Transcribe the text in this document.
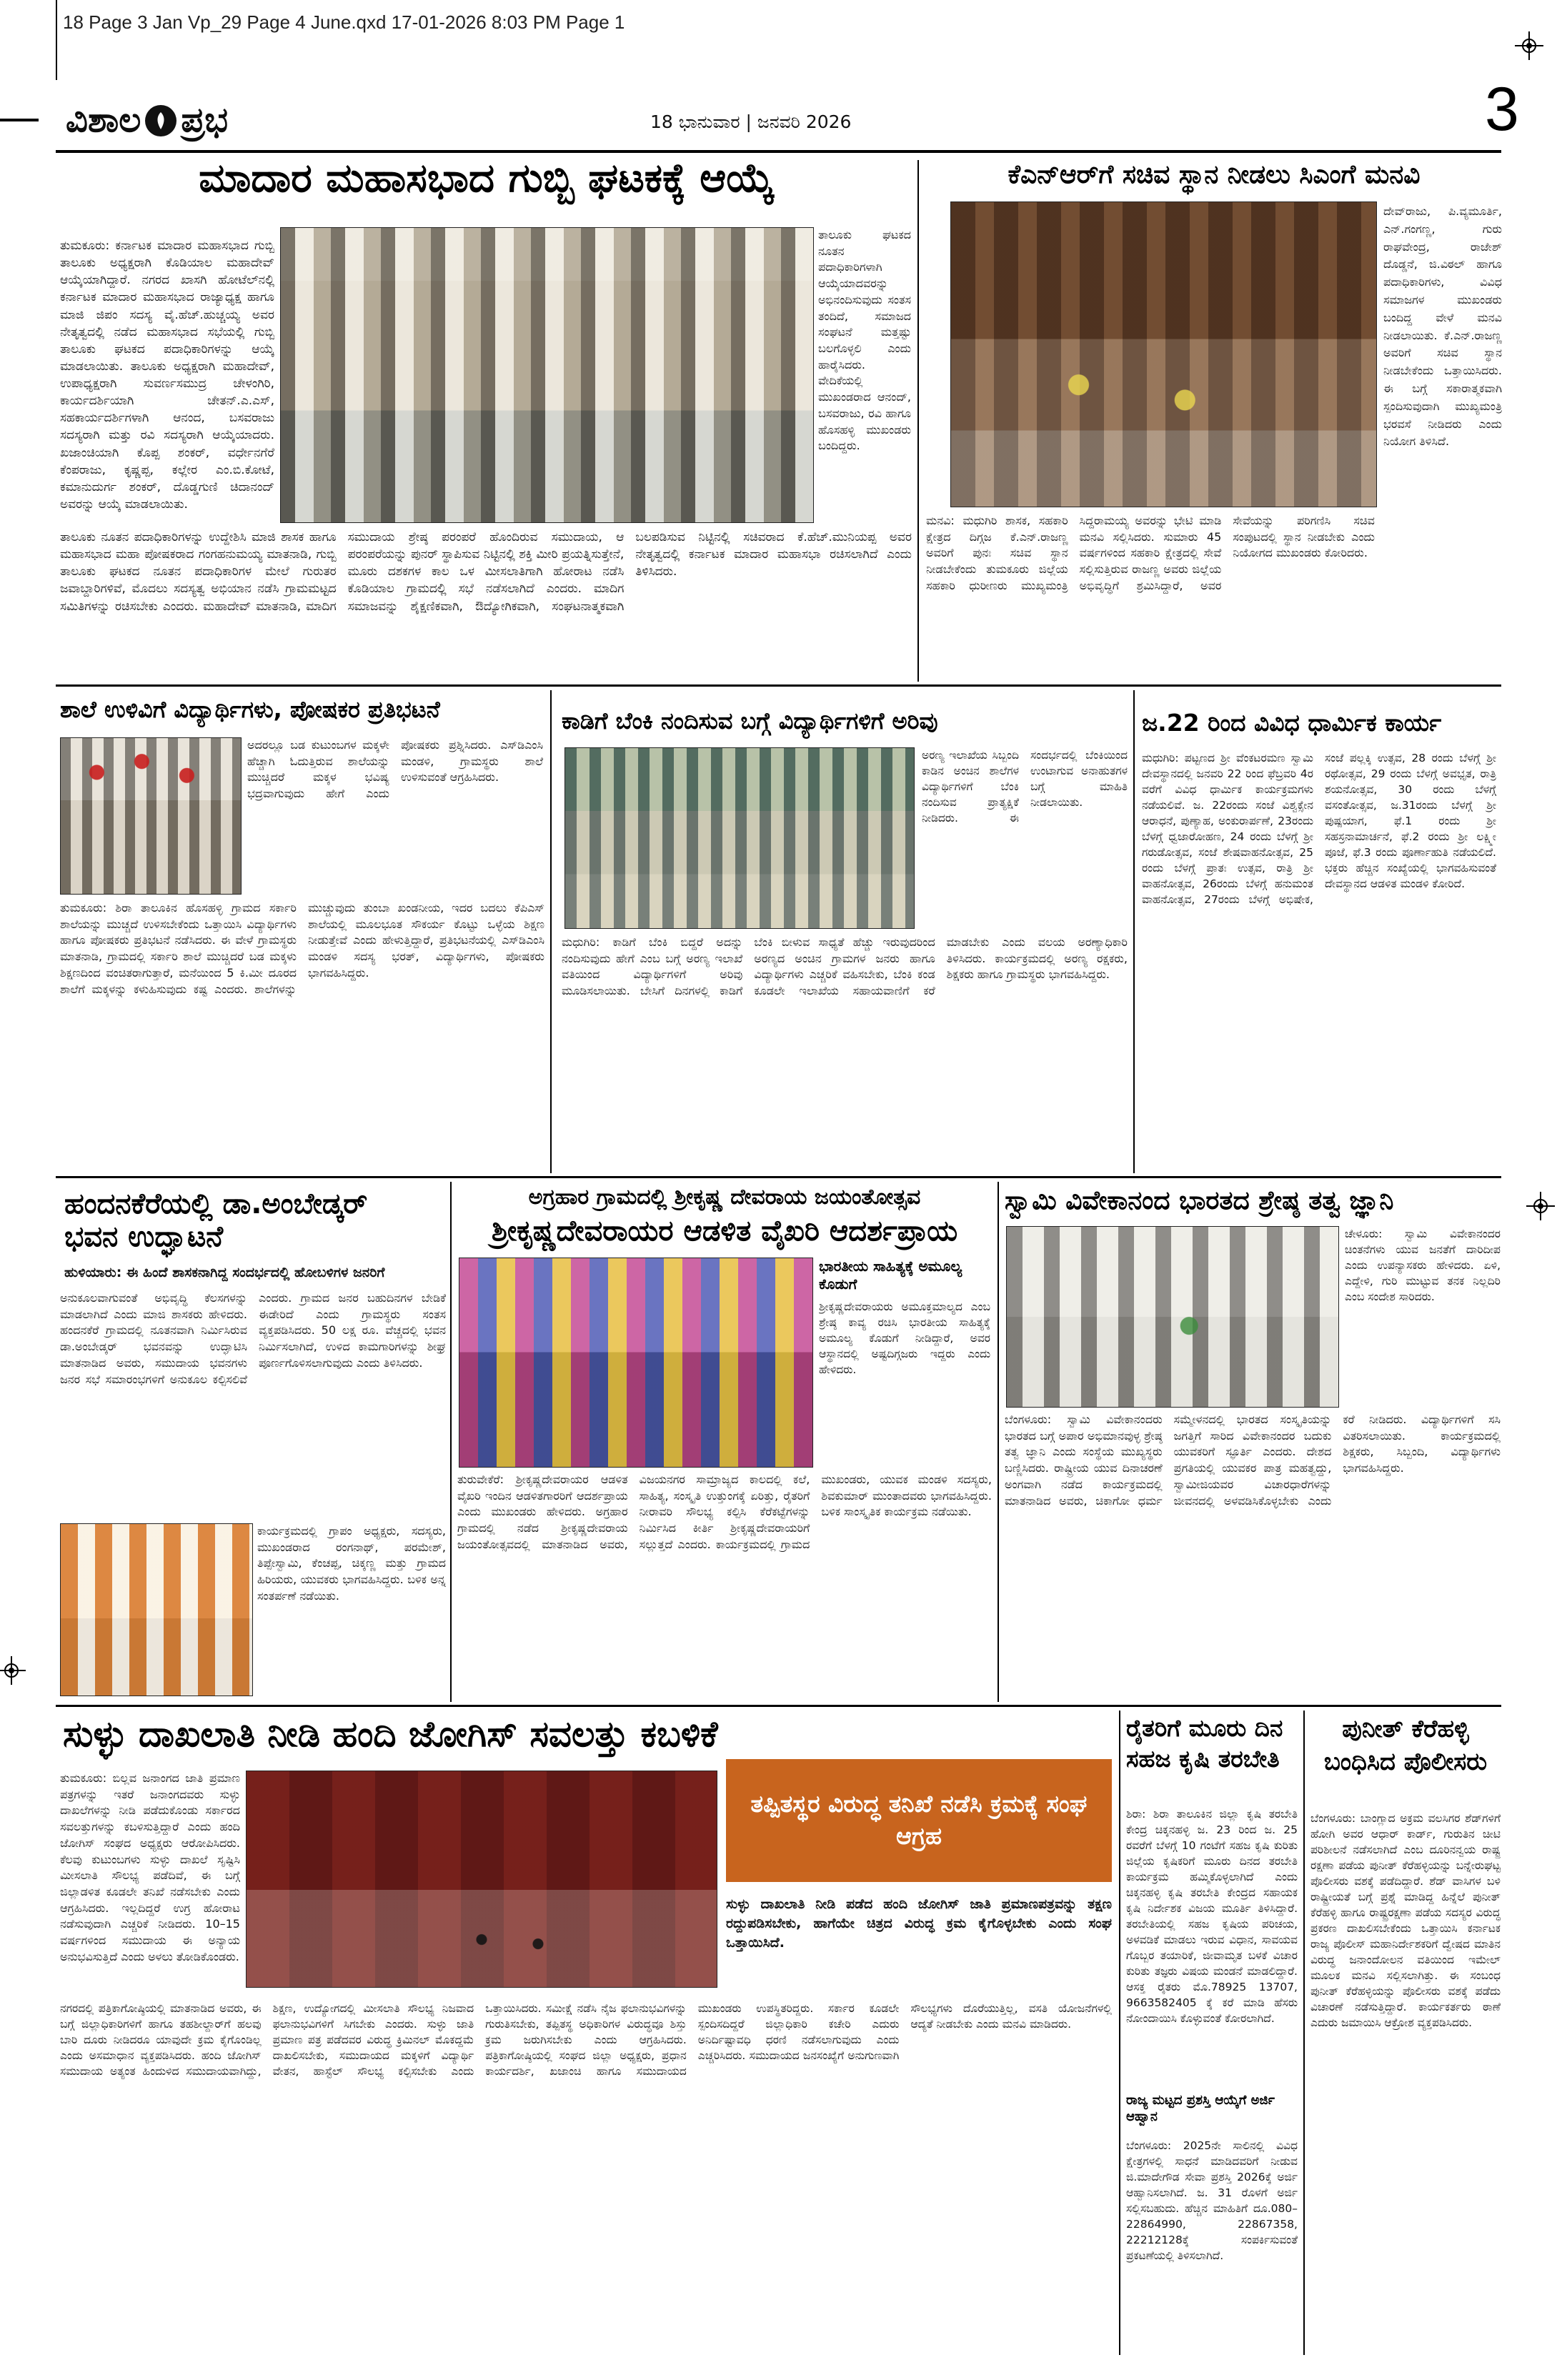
18 Page 3 Jan Vp_29 Page 4 June.qxd 17-01-2026 8:03 PM Page 1
ವಿಶಾಲ ಪ್ರಭ	18 ಭಾನುವಾರ | ಜನವರಿ 2026	3
ಮಾದಾರ ಮಹಾಸಭಾದ ಗುಬ್ಬಿ ಘಟಕಕ್ಕೆ ಆಯ್ಕೆ
ತುಮಕೂರು: ಕರ್ನಾಟಕ ಮಾದಾರ ಮಹಾಸಭಾದ ಗುಬ್ಬಿ ತಾಲೂಕು ಅಧ್ಯಕ್ಷರಾಗಿ ಕೊಡಿಯಾಲ ಮಹಾದೇವ್ ಆಯ್ಕೆಯಾಗಿದ್ದಾರೆ. ನಗರದ ಖಾಸಗಿ ಹೋಟೆಲ್‌ನಲ್ಲಿ ಕರ್ನಾಟಕ ಮಾದಾರ ಮಹಾಸಭಾದ ರಾಜ್ಯಾಧ್ಯಕ್ಷ ಹಾಗೂ ಮಾಜಿ ಜಿಪಂ ಸದಸ್ಯ ವೈ.ಹೆಚ್.ಹುಚ್ಚಯ್ಯ ಅವರ ನೇತೃತ್ವದಲ್ಲಿ ನಡೆದ ಮಹಾಸಭಾದ ಸಭೆಯಲ್ಲಿ ಗುಬ್ಬಿ ತಾಲೂಕು ಘಟಕದ ಪದಾಧಿಕಾರಿಗಳನ್ನು ಆಯ್ಕೆ ಮಾಡಲಾಯಿತು. ತಾಲೂಕು ಅಧ್ಯಕ್ಷರಾಗಿ ಮಹಾದೇವ್, ಉಪಾಧ್ಯಕ್ಷರಾಗಿ ಸುವರ್ಣಸಮುದ್ರ ಚೇಳಂಗಿರಿ, ಕಾರ್ಯದರ್ಶಿಯಾಗಿ ಚೇತನ್.ಎ.ಎಸ್, ಸಹಕಾರ್ಯದರ್ಶಿಗಳಾಗಿ ಆನಂದ, ಬಸವರಾಜು ಸದಸ್ಯರಾಗಿ ಮತ್ತು ರವಿ ಸದಸ್ಯರಾಗಿ ಆಯ್ಕೆಯಾದರು. ಖಜಾಂಚಿಯಾಗಿ ಕೊಪ್ಪ ಶಂಕರ್, ವರ್ಧೇನಗೆರೆ ಕೆಂಪರಾಜು, ಕೃಷ್ಣಪ್ಪ, ಕಲ್ಲೇರ ಎಂ.ಬಿ.ಕೋಟೆ, ಕಮಾನುದುರ್ಗ ಶಂಕರ್, ದೊಡ್ಡಗುಣಿ ಚಿದಾನಂದ್ ಅವರನ್ನು ಆಯ್ಕೆ ಮಾಡಲಾಯಿತು.
ತಾಲೂಕು ಘಟಕದ ನೂತನ ಪದಾಧಿಕಾರಿಗಳಾಗಿ ಆಯ್ಕೆಯಾದವರನ್ನು ಅಭಿನಂದಿಸುವುದು ಸಂತಸ ತಂದಿದೆ, ಸಮಾಜದ ಸಂಘಟನೆ ಮತ್ತಷ್ಟು ಬಲಗೊಳ್ಳಲಿ ಎಂದು ಹಾರೈಸಿದರು. ವೇದಿಕೆಯಲ್ಲಿ ಮುಖಂಡರಾದ ಆನಂದ್, ಬಸವರಾಜು, ರವಿ ಹಾಗೂ ಹೊಸಹಳ್ಳಿ ಮುಖಂಡರು ಬಂದಿದ್ದರು.
ತಾಲೂಕು ನೂತನ ಪದಾಧಿಕಾರಿಗಳನ್ನು ಉದ್ದೇಶಿಸಿ ಮಾಜಿ ಶಾಸಕ ಹಾಗೂ ಮಹಾಸಭಾದ ಮಹಾ ಪೋಷಕರಾದ ಗಂಗಹನುಮಯ್ಯ ಮಾತನಾಡಿ, ಗುಬ್ಬಿ ತಾಲೂಕು ಘಟಕದ ನೂತನ ಪದಾಧಿಕಾರಿಗಳ ಮೇಲೆ ಗುರುತರ ಜವಾಬ್ದಾರಿಗಳಿವೆ, ಮೊದಲು ಸದಸ್ಯತ್ವ ಅಭಿಯಾನ ನಡೆಸಿ ಗ್ರಾಮಮಟ್ಟದ ಸಮಿತಿಗಳನ್ನು ರಚಿಸಬೇಕು ಎಂದರು. ಮಹಾದೇವ್ ಮಾತನಾಡಿ, ಮಾದಿಗ ಸಮುದಾಯ ಶ್ರೇಷ್ಠ ಪರಂಪರೆ ಹೊಂದಿರುವ ಸಮುದಾಯ, ಆ ಪರಂಪರೆಯನ್ನು ಪುನರ್ ಸ್ಥಾಪಿಸುವ ನಿಟ್ಟಿನಲ್ಲಿ ಶಕ್ತಿ ಮೀರಿ ಪ್ರಯತ್ನಿಸುತ್ತೇನೆ, ಮೂರು ದಶಕಗಳ ಕಾಲ ಒಳ ಮೀಸಲಾತಿಗಾಗಿ ಹೋರಾಟ ನಡೆಸಿ ಕೊಡಿಯಾಲ ಗ್ರಾಮದಲ್ಲಿ ಸಭೆ ನಡೆಸಲಾಗಿದೆ ಎಂದರು. ಮಾದಿಗ ಸಮಾಜವನ್ನು ಶೈಕ್ಷಣಿಕವಾಗಿ, ಔದ್ಯೋಗಿಕವಾಗಿ, ಸಂಘಟನಾತ್ಮಕವಾಗಿ ಬಲಪಡಿಸುವ ನಿಟ್ಟಿನಲ್ಲಿ ಸಚಿವರಾದ ಕೆ.ಹೆಚ್.ಮುನಿಯಪ್ಪ ಅವರ ನೇತೃತ್ವದಲ್ಲಿ ಕರ್ನಾಟಕ ಮಾದಾರ ಮಹಾಸಭಾ ರಚಿಸಲಾಗಿದೆ ಎಂದು ತಿಳಿಸಿದರು.
ಕೆಎನ್‌ಆರ್‌ಗೆ ಸಚಿವ ಸ್ಥಾನ ನೀಡಲು ಸಿಎಂಗೆ ಮನವಿ
ದೇವ್‌ರಾಜು, ಪಿ.ವ್ಯಮೂರ್ತಿ, ಎನ್.ಗಂಗಣ್ಣ, ಗುರು ರಾಘವೇಂದ್ರ, ರಾಜೇಶ್ ದೊಡ್ಡನೆ, ಜಿ.ವಿಠಲ್ ಹಾಗೂ ಪದಾಧಿಕಾರಿಗಳು, ವಿವಿಧ ಸಮಾಜಗಳ ಮುಖಂಡರು ಬಂದಿದ್ದ ವೇಳೆ ಮನವಿ ನೀಡಲಾಯಿತು. ಕೆ.ಎನ್.ರಾಜಣ್ಣ ಅವರಿಗೆ ಸಚಿವ ಸ್ಥಾನ ನೀಡಬೇಕೆಂದು ಒತ್ತಾಯಿಸಿದರು. ಈ ಬಗ್ಗೆ ಸಕಾರಾತ್ಮಕವಾಗಿ ಸ್ಪಂದಿಸುವುದಾಗಿ ಮುಖ್ಯಮಂತ್ರಿ ಭರವಸೆ ನೀಡಿದರು ಎಂದು ನಿಯೋಗ ತಿಳಿಸಿದೆ.
ಮನವಿ: ಮಧುಗಿರಿ ಶಾಸಕ, ಸಹಕಾರಿ ಕ್ಷೇತ್ರದ ದಿಗ್ಗಜ ಕೆ.ಎನ್.ರಾಜಣ್ಣ ಅವರಿಗೆ ಪುನಃ ಸಚಿವ ಸ್ಥಾನ ನೀಡಬೇಕೆಂದು ತುಮಕೂರು ಜಿಲ್ಲೆಯ ಸಹಕಾರಿ ಧುರೀಣರು ಮುಖ್ಯಮಂತ್ರಿ ಸಿದ್ದರಾಮಯ್ಯ ಅವರನ್ನು ಭೇಟಿ ಮಾಡಿ ಮನವಿ ಸಲ್ಲಿಸಿದರು. ಸುಮಾರು 45 ವರ್ಷಗಳಿಂದ ಸಹಕಾರಿ ಕ್ಷೇತ್ರದಲ್ಲಿ ಸೇವೆ ಸಲ್ಲಿಸುತ್ತಿರುವ ರಾಜಣ್ಣ ಅವರು ಜಿಲ್ಲೆಯ ಅಭಿವೃದ್ಧಿಗೆ ಶ್ರಮಿಸಿದ್ದಾರೆ, ಅವರ ಸೇವೆಯನ್ನು ಪರಿಗಣಿಸಿ ಸಚಿವ ಸಂಪುಟದಲ್ಲಿ ಸ್ಥಾನ ನೀಡಬೇಕು ಎಂದು ನಿಯೋಗದ ಮುಖಂಡರು ಕೋರಿದರು.
ಶಾಲೆ ಉಳಿವಿಗೆ ವಿದ್ಯಾರ್ಥಿಗಳು, ಪೋಷಕರ ಪ್ರತಿಭಟನೆ
ಅದರಲ್ಲೂ ಬಡ ಕುಟುಂಬಗಳ ಮಕ್ಕಳೇ ಹೆಚ್ಚಾಗಿ ಓದುತ್ತಿರುವ ಶಾಲೆಯನ್ನು ಮುಚ್ಚಿದರೆ ಮಕ್ಕಳ ಭವಿಷ್ಯ ಭದ್ರವಾಗುವುದು ಹೇಗೆ ಎಂದು ಪೋಷಕರು ಪ್ರಶ್ನಿಸಿದರು. ಎಸ್‌ಡಿಎಂಸಿ ಮಂಡಳಿ, ಗ್ರಾಮಸ್ಥರು ಶಾಲೆ ಉಳಿಸುವಂತೆ ಆಗ್ರಹಿಸಿದರು.
ತುಮಕೂರು: ಶಿರಾ ತಾಲೂಕಿನ ಹೊಸಹಳ್ಳಿ ಗ್ರಾಮದ ಸರ್ಕಾರಿ ಶಾಲೆಯನ್ನು ಮುಚ್ಚದೆ ಉಳಿಸಬೇಕೆಂದು ಒತ್ತಾಯಿಸಿ ವಿದ್ಯಾರ್ಥಿಗಳು ಹಾಗೂ ಪೋಷಕರು ಪ್ರತಿಭಟನೆ ನಡೆಸಿದರು. ಈ ವೇಳೆ ಗ್ರಾಮಸ್ಥರು ಮಾತನಾಡಿ, ಗ್ರಾಮದಲ್ಲಿ ಸರ್ಕಾರಿ ಶಾಲೆ ಮುಚ್ಚಿದರೆ ಬಡ ಮಕ್ಕಳು ಶಿಕ್ಷಣದಿಂದ ವಂಚಿತರಾಗುತ್ತಾರೆ, ಮನೆಯಿಂದ 5 ಕಿ.ಮೀ ದೂರದ ಶಾಲೆಗೆ ಮಕ್ಕಳನ್ನು ಕಳುಹಿಸುವುದು ಕಷ್ಟ ಎಂದರು. ಶಾಲೆಗಳನ್ನು ಮುಚ್ಚುವುದು ತುಂಬಾ ಖಂಡನೀಯ, ಇದರ ಬದಲು ಕೆಪಿಎಸ್ ಶಾಲೆಯಲ್ಲಿ ಮೂಲಭೂತ ಸೌಕರ್ಯ ಕೊಟ್ಟು ಒಳ್ಳೆಯ ಶಿಕ್ಷಣ ನೀಡುತ್ತೇವೆ ಎಂದು ಹೇಳುತ್ತಿದ್ದಾರೆ, ಪ್ರತಿಭಟನೆಯಲ್ಲಿ ಎಸ್‌ಡಿಎಂಸಿ ಮಂಡಳಿ ಸದಸ್ಯ ಭರತ್, ವಿದ್ಯಾರ್ಥಿಗಳು, ಪೋಷಕರು ಭಾಗವಹಿಸಿದ್ದರು.
ಕಾಡಿಗೆ ಬೆಂಕಿ ನಂದಿಸುವ ಬಗ್ಗೆ ವಿದ್ಯಾರ್ಥಿಗಳಿಗೆ ಅರಿವು
ಅರಣ್ಯ ಇಲಾಖೆಯ ಸಿಬ್ಬಂದಿ ಕಾಡಿನ ಅಂಚಿನ ಶಾಲೆಗಳ ವಿದ್ಯಾರ್ಥಿಗಳಿಗೆ ಬೆಂಕಿ ನಂದಿಸುವ ಪ್ರಾತ್ಯಕ್ಷಿಕೆ ನೀಡಿದರು. ಈ ಸಂದರ್ಭದಲ್ಲಿ ಬೆಂಕಿಯಿಂದ ಉಂಟಾಗುವ ಅನಾಹುತಗಳ ಬಗ್ಗೆ ಮಾಹಿತಿ ನೀಡಲಾಯಿತು.
ಮಧುಗಿರಿ: ಕಾಡಿಗೆ ಬೆಂಕಿ ಬಿದ್ದರೆ ಅದನ್ನು ನಂದಿಸುವುದು ಹೇಗೆ ಎಂಬ ಬಗ್ಗೆ ಅರಣ್ಯ ಇಲಾಖೆ ವತಿಯಿಂದ ವಿದ್ಯಾರ್ಥಿಗಳಿಗೆ ಅರಿವು ಮೂಡಿಸಲಾಯಿತು. ಬೇಸಿಗೆ ದಿನಗಳಲ್ಲಿ ಕಾಡಿಗೆ ಬೆಂಕಿ ಬೀಳುವ ಸಾಧ್ಯತೆ ಹೆಚ್ಚು ಇರುವುದರಿಂದ ಅರಣ್ಯದ ಅಂಚಿನ ಗ್ರಾಮಗಳ ಜನರು ಹಾಗೂ ವಿದ್ಯಾರ್ಥಿಗಳು ಎಚ್ಚರಿಕೆ ವಹಿಸಬೇಕು, ಬೆಂಕಿ ಕಂಡ ಕೂಡಲೇ ಇಲಾಖೆಯ ಸಹಾಯವಾಣಿಗೆ ಕರೆ ಮಾಡಬೇಕು ಎಂದು ವಲಯ ಅರಣ್ಯಾಧಿಕಾರಿ ತಿಳಿಸಿದರು. ಕಾರ್ಯಕ್ರಮದಲ್ಲಿ ಅರಣ್ಯ ರಕ್ಷಕರು, ಶಿಕ್ಷಕರು ಹಾಗೂ ಗ್ರಾಮಸ್ಥರು ಭಾಗವಹಿಸಿದ್ದರು.
ಜ.22 ರಿಂದ ವಿವಿಧ ಧಾರ್ಮಿಕ ಕಾರ್ಯ
ಮಧುಗಿರಿ: ಪಟ್ಟಣದ ಶ್ರೀ ವೆಂಕಟರಮಣ ಸ್ವಾಮಿ ದೇವಸ್ಥಾನದಲ್ಲಿ ಜನವರಿ 22 ರಿಂದ ಫೆಬ್ರವರಿ 4ರ ವರೆಗೆ ವಿವಿಧ ಧಾರ್ಮಿಕ ಕಾರ್ಯಕ್ರಮಗಳು ನಡೆಯಲಿವೆ. ಜ. 22ರಂದು ಸಂಜೆ ವಿಶ್ವಕ್ಸೇನ ಆರಾಧನೆ, ಪುಣ್ಯಾಹ, ಅಂಕುರಾರ್ಪಣೆ, 23ರಂದು ಬೆಳಗ್ಗೆ ಧ್ವಜಾರೋಹಣ, 24 ರಂದು ಬೆಳಗ್ಗೆ ಶ್ರೀ ಗರುಡೋತ್ಸವ, ಸಂಜೆ ಶೇಷವಾಹನೋತ್ಸವ, 25 ರಂದು ಬೆಳಗ್ಗೆ ಪ್ರಾತಃ ಉತ್ಸವ, ರಾತ್ರಿ ಶ್ರೀ ವಾಹನೋತ್ಸವ, 26ರಂದು ಬೆಳಗ್ಗೆ ಹನುಮಂತ ವಾಹನೋತ್ಸವ, 27ರಂದು ಬೆಳಗ್ಗೆ ಅಭಿಷೇಕ, ಸಂಜೆ ಪಲ್ಲಕ್ಕಿ ಉತ್ಸವ, 28 ರಂದು ಬೆಳಗ್ಗೆ ಶ್ರೀ ರಥೋತ್ಸವ, 29 ರಂದು ಬೆಳಗ್ಗೆ ಅವಭೃತ, ರಾತ್ರಿ ಶಯನೋತ್ಸವ, 30 ರಂದು ಬೆಳಗ್ಗೆ ವಸಂತೋತ್ಸವ, ಜ.31ರಂದು ಬೆಳಗ್ಗೆ ಶ್ರೀ ಪುಷ್ಪಯಾಗ, ಫೆ.1 ರಂದು ಶ್ರೀ ಸಹಸ್ರನಾಮಾರ್ಚನೆ, ಫೆ.2 ರಂದು ಶ್ರೀ ಲಕ್ಷ್ಮೀ ಪೂಜೆ, ಫೆ.3 ರಂದು ಪೂರ್ಣಾಹುತಿ ನಡೆಯಲಿದೆ. ಭಕ್ತರು ಹೆಚ್ಚಿನ ಸಂಖ್ಯೆಯಲ್ಲಿ ಭಾಗವಹಿಸುವಂತೆ ದೇವಸ್ಥಾನದ ಆಡಳಿತ ಮಂಡಳಿ ಕೋರಿದೆ.
ಹಂದನಕೆರೆಯಲ್ಲಿ ಡಾ.ಅಂಬೇಡ್ಕರ್
ಭವನ ಉದ್ಘಾಟನೆ
ಹುಳಿಯಾರು: ಈ ಹಿಂದೆ ಶಾಸಕನಾಗಿದ್ದ ಸಂದರ್ಭದಲ್ಲಿ ಹೋಬಳಿಗಳ ಜನರಿಗೆ
ಅನುಕೂಲವಾಗುವಂತೆ ಅಭಿವೃದ್ಧಿ ಕೆಲಸಗಳನ್ನು ಮಾಡಲಾಗಿದೆ ಎಂದು ಮಾಜಿ ಶಾಸಕರು ಹೇಳಿದರು. ಹಂದನಕೆರೆ ಗ್ರಾಮದಲ್ಲಿ ನೂತನವಾಗಿ ನಿರ್ಮಿಸಿರುವ ಡಾ.ಅಂಬೇಡ್ಕರ್ ಭವನವನ್ನು ಉದ್ಘಾಟಿಸಿ ಮಾತನಾಡಿದ ಅವರು, ಸಮುದಾಯ ಭವನಗಳು ಜನರ ಸಭೆ ಸಮಾರಂಭಗಳಿಗೆ ಅನುಕೂಲ ಕಲ್ಪಿಸಲಿವೆ ಎಂದರು. ಗ್ರಾಮದ ಜನರ ಬಹುದಿನಗಳ ಬೇಡಿಕೆ ಈಡೇರಿದೆ ಎಂದು ಗ್ರಾಮಸ್ಥರು ಸಂತಸ ವ್ಯಕ್ತಪಡಿಸಿದರು. 50 ಲಕ್ಷ ರೂ. ವೆಚ್ಚದಲ್ಲಿ ಭವನ ನಿರ್ಮಿಸಲಾಗಿದೆ, ಉಳಿದ ಕಾಮಗಾರಿಗಳನ್ನು ಶೀಘ್ರ ಪೂರ್ಣಗೊಳಿಸಲಾಗುವುದು ಎಂದು ತಿಳಿಸಿದರು.
ಕಾರ್ಯಕ್ರಮದಲ್ಲಿ ಗ್ರಾಪಂ ಅಧ್ಯಕ್ಷರು, ಸದಸ್ಯರು, ಮುಖಂಡರಾದ ರಂಗನಾಥ್, ಪರಮೇಶ್, ತಿಪ್ಪೇಸ್ವಾಮಿ, ಕೆಂಚಪ್ಪ, ಚಿಕ್ಕಣ್ಣ ಮತ್ತು ಗ್ರಾಮದ ಹಿರಿಯರು, ಯುವಕರು ಭಾಗವಹಿಸಿದ್ದರು. ಬಳಿಕ ಅನ್ನ ಸಂತರ್ಪಣೆ ನಡೆಯಿತು.
ಅಗ್ರಹಾರ ಗ್ರಾಮದಲ್ಲಿ ಶ್ರೀಕೃಷ್ಣ ದೇವರಾಯ ಜಯಂತೋತ್ಸವ
ಶ್ರೀಕೃಷ್ಣದೇವರಾಯರ ಆಡಳಿತ ವೈಖರಿ ಆದರ್ಶಪ್ರಾಯ
ಭಾರತೀಯ ಸಾಹಿತ್ಯಕ್ಕೆ ಅಮೂಲ್ಯ ಕೊಡುಗೆ
ಶ್ರೀಕೃಷ್ಣದೇವರಾಯರು ಅಮೂಕ್ತಮಾಲ್ಯದ ಎಂಬ ಶ್ರೇಷ್ಠ ಕಾವ್ಯ ರಚಿಸಿ ಭಾರತೀಯ ಸಾಹಿತ್ಯಕ್ಕೆ ಅಮೂಲ್ಯ ಕೊಡುಗೆ ನೀಡಿದ್ದಾರೆ, ಅವರ ಆಸ್ಥಾನದಲ್ಲಿ ಅಷ್ಟದಿಗ್ಗಜರು ಇದ್ದರು ಎಂದು ಹೇಳಿದರು.
ತುರುವೇಕೆರೆ: ಶ್ರೀಕೃಷ್ಣದೇವರಾಯರ ಆಡಳಿತ ವೈಖರಿ ಇಂದಿನ ಆಡಳಿತಗಾರರಿಗೆ ಆದರ್ಶಪ್ರಾಯ ಎಂದು ಮುಖಂಡರು ಹೇಳಿದರು. ಅಗ್ರಹಾರ ಗ್ರಾಮದಲ್ಲಿ ನಡೆದ ಶ್ರೀಕೃಷ್ಣದೇವರಾಯ ಜಯಂತೋತ್ಸವದಲ್ಲಿ ಮಾತನಾಡಿದ ಅವರು, ವಿಜಯನಗರ ಸಾಮ್ರಾಜ್ಯದ ಕಾಲದಲ್ಲಿ ಕಲೆ, ಸಾಹಿತ್ಯ, ಸಂಸ್ಕೃತಿ ಉತ್ತುಂಗಕ್ಕೆ ಏರಿತ್ತು, ರೈತರಿಗೆ ನೀರಾವರಿ ಸೌಲಭ್ಯ ಕಲ್ಪಿಸಿ ಕೆರೆಕಟ್ಟೆಗಳನ್ನು ನಿರ್ಮಿಸಿದ ಕೀರ್ತಿ ಶ್ರೀಕೃಷ್ಣದೇವರಾಯರಿಗೆ ಸಲ್ಲುತ್ತದೆ ಎಂದರು. ಕಾರ್ಯಕ್ರಮದಲ್ಲಿ ಗ್ರಾಮದ ಮುಖಂಡರು, ಯುವಕ ಮಂಡಳಿ ಸದಸ್ಯರು, ಶಿವಕುಮಾರ್ ಮುಂತಾದವರು ಭಾಗವಹಿಸಿದ್ದರು. ಬಳಿಕ ಸಾಂಸ್ಕೃತಿಕ ಕಾರ್ಯಕ್ರಮ ನಡೆಯಿತು.
ಸ್ವಾಮಿ ವಿವೇಕಾನಂದ ಭಾರತದ ಶ್ರೇಷ್ಠ ತತ್ವ ಜ್ಞಾನಿ
ಚೇಳೂರು: ಸ್ವಾಮಿ ವಿವೇಕಾನಂದರ ಚಿಂತನೆಗಳು ಯುವ ಜನತೆಗೆ ದಾರಿದೀಪ ಎಂದು ಉಪನ್ಯಾಸಕರು ಹೇಳಿದರು. ಏಳಿ, ಎದ್ದೇಳಿ, ಗುರಿ ಮುಟ್ಟುವ ತನಕ ನಿಲ್ಲದಿರಿ ಎಂಬ ಸಂದೇಶ ಸಾರಿದರು.
ಬೆಂಗಳೂರು: ಸ್ವಾಮಿ ವಿವೇಕಾನಂದರು ಭಾರತದ ಬಗ್ಗೆ ಅಪಾರ ಅಭಿಮಾನವುಳ್ಳ ಶ್ರೇಷ್ಠ ತತ್ವ ಜ್ಞಾನಿ ಎಂದು ಸಂಸ್ಥೆಯ ಮುಖ್ಯಸ್ಥರು ಬಣ್ಣಿಸಿದರು. ರಾಷ್ಟ್ರೀಯ ಯುವ ದಿನಾಚರಣೆ ಅಂಗವಾಗಿ ನಡೆದ ಕಾರ್ಯಕ್ರಮದಲ್ಲಿ ಮಾತನಾಡಿದ ಅವರು, ಚಿಕಾಗೋ ಧರ್ಮ ಸಮ್ಮೇಳನದಲ್ಲಿ ಭಾರತದ ಸಂಸ್ಕೃತಿಯನ್ನು ಜಗತ್ತಿಗೆ ಸಾರಿದ ವಿವೇಕಾನಂದರ ಬದುಕು ಯುವಕರಿಗೆ ಸ್ಫೂರ್ತಿ ಎಂದರು. ದೇಶದ ಪ್ರಗತಿಯಲ್ಲಿ ಯುವಕರ ಪಾತ್ರ ಮಹತ್ವದ್ದು, ಸ್ವಾಮೀಜಿಯವರ ವಿಚಾರಧಾರೆಗಳನ್ನು ಜೀವನದಲ್ಲಿ ಅಳವಡಿಸಿಕೊಳ್ಳಬೇಕು ಎಂದು ಕರೆ ನೀಡಿದರು. ವಿದ್ಯಾರ್ಥಿಗಳಿಗೆ ಸಸಿ ವಿತರಿಸಲಾಯಿತು. ಕಾರ್ಯಕ್ರಮದಲ್ಲಿ ಶಿಕ್ಷಕರು, ಸಿಬ್ಬಂದಿ, ವಿದ್ಯಾರ್ಥಿಗಳು ಭಾಗವಹಿಸಿದ್ದರು.
ಸುಳ್ಳು ದಾಖಲಾತಿ ನೀಡಿ ಹಂದಿ ಜೋಗಿಸ್ ಸವಲತ್ತು ಕಬಳಿಕೆ
ತುಮಕೂರು: ಬಿಲ್ಲವ ಜನಾಂಗದ ಜಾತಿ ಪ್ರಮಾಣ ಪತ್ರಗಳನ್ನು ಇತರೆ ಜನಾಂಗದವರು ಸುಳ್ಳು ದಾಖಲೆಗಳನ್ನು ನೀಡಿ ಪಡೆದುಕೊಂಡು ಸರ್ಕಾರದ ಸವಲತ್ತುಗಳನ್ನು ಕಬಳಿಸುತ್ತಿದ್ದಾರೆ ಎಂದು ಹಂದಿ ಜೋಗಿಸ್ ಸಂಘದ ಅಧ್ಯಕ್ಷರು ಆರೋಪಿಸಿದರು. ಕೆಲವು ಕುಟುಂಬಗಳು ಸುಳ್ಳು ದಾಖಲೆ ಸೃಷ್ಟಿಸಿ ಮೀಸಲಾತಿ ಸೌಲಭ್ಯ ಪಡೆದಿವೆ, ಈ ಬಗ್ಗೆ ಜಿಲ್ಲಾಡಳಿತ ಕೂಡಲೇ ತನಿಖೆ ನಡೆಸಬೇಕು ಎಂದು ಆಗ್ರಹಿಸಿದರು. ಇಲ್ಲದಿದ್ದರೆ ಉಗ್ರ ಹೋರಾಟ ನಡೆಸುವುದಾಗಿ ಎಚ್ಚರಿಕೆ ನೀಡಿದರು. 10–15 ವರ್ಷಗಳಿಂದ ಸಮುದಾಯ ಈ ಅನ್ಯಾಯ ಅನುಭವಿಸುತ್ತಿದೆ ಎಂದು ಅಳಲು ತೋಡಿಕೊಂಡರು.
ತಪ್ಪಿತಸ್ಥರ ವಿರುದ್ಧ ತನಿಖೆ ನಡೆಸಿ ಕ್ರಮಕ್ಕೆ ಸಂಘ ಆಗ್ರಹ
ಸುಳ್ಳು ದಾಖಲಾತಿ ನೀಡಿ ಪಡೆದ ಹಂದಿ ಜೋಗಿಸ್ ಜಾತಿ ಪ್ರಮಾಣಪತ್ರವನ್ನು ತಕ್ಷಣ ರದ್ದುಪಡಿಸಬೇಕು, ಹಾಗೆಯೇ ಚಿತ್ರದ ವಿರುದ್ಧ ಕ್ರಮ ಕೈಗೊಳ್ಳಬೇಕು ಎಂದು ಸಂಘ ಒತ್ತಾಯಿಸಿದೆ.
ನಗರದಲ್ಲಿ ಪತ್ರಿಕಾಗೋಷ್ಠಿಯಲ್ಲಿ ಮಾತನಾಡಿದ ಅವರು, ಈ ಬಗ್ಗೆ ಜಿಲ್ಲಾಧಿಕಾರಿಗಳಿಗೆ ಹಾಗೂ ತಹಶೀಲ್ದಾರ್‌ಗೆ ಹಲವು ಬಾರಿ ದೂರು ನೀಡಿದರೂ ಯಾವುದೇ ಕ್ರಮ ಕೈಗೊಂಡಿಲ್ಲ ಎಂದು ಅಸಮಾಧಾನ ವ್ಯಕ್ತಪಡಿಸಿದರು. ಹಂದಿ ಜೋಗಿಸ್ ಸಮುದಾಯ ಅತ್ಯಂತ ಹಿಂದುಳಿದ ಸಮುದಾಯವಾಗಿದ್ದು, ಶಿಕ್ಷಣ, ಉದ್ಯೋಗದಲ್ಲಿ ಮೀಸಲಾತಿ ಸೌಲಭ್ಯ ನಿಜವಾದ ಫಲಾನುಭವಿಗಳಿಗೆ ಸಿಗಬೇಕು ಎಂದರು. ಸುಳ್ಳು ಜಾತಿ ಪ್ರಮಾಣ ಪತ್ರ ಪಡೆದವರ ವಿರುದ್ಧ ಕ್ರಿಮಿನಲ್ ಮೊಕದ್ದಮೆ ದಾಖಲಿಸಬೇಕು, ಸಮುದಾಯದ ಮಕ್ಕಳಿಗೆ ವಿದ್ಯಾರ್ಥಿ ವೇತನ, ಹಾಸ್ಟೆಲ್ ಸೌಲಭ್ಯ ಕಲ್ಪಿಸಬೇಕು ಎಂದು ಒತ್ತಾಯಿಸಿದರು. ಸಮೀಕ್ಷೆ ನಡೆಸಿ ನೈಜ ಫಲಾನುಭವಿಗಳನ್ನು ಗುರುತಿಸಬೇಕು, ತಪ್ಪಿತಸ್ಥ ಅಧಿಕಾರಿಗಳ ವಿರುದ್ಧವೂ ಶಿಸ್ತು ಕ್ರಮ ಜರುಗಿಸಬೇಕು ಎಂದು ಆಗ್ರಹಿಸಿದರು. ಪತ್ರಿಕಾಗೋಷ್ಠಿಯಲ್ಲಿ ಸಂಘದ ಜಿಲ್ಲಾ ಅಧ್ಯಕ್ಷರು, ಪ್ರಧಾನ ಕಾರ್ಯದರ್ಶಿ, ಖಜಾಂಚಿ ಹಾಗೂ ಸಮುದಾಯದ ಮುಖಂಡರು ಉಪಸ್ಥಿತರಿದ್ದರು. ಸರ್ಕಾರ ಕೂಡಲೇ ಸ್ಪಂದಿಸದಿದ್ದರೆ ಜಿಲ್ಲಾಧಿಕಾರಿ ಕಚೇರಿ ಎದುರು ಅನಿರ್ದಿಷ್ಟಾವಧಿ ಧರಣಿ ನಡೆಸಲಾಗುವುದು ಎಂದು ಎಚ್ಚರಿಸಿದರು. ಸಮುದಾಯದ ಜನಸಂಖ್ಯೆಗೆ ಅನುಗುಣವಾಗಿ ಸೌಲಭ್ಯಗಳು ದೊರೆಯುತ್ತಿಲ್ಲ, ವಸತಿ ಯೋಜನೆಗಳಲ್ಲಿ ಆದ್ಯತೆ ನೀಡಬೇಕು ಎಂದು ಮನವಿ ಮಾಡಿದರು.
ರೈತರಿಗೆ ಮೂರು ದಿನ
ಸಹಜ ಕೃಷಿ ತರಬೇತಿ
ಶಿರಾ: ಶಿರಾ ತಾಲೂಕಿನ ಜಿಲ್ಲಾ ಕೃಷಿ ತರಬೇತಿ ಕೇಂದ್ರ ಚಿಕ್ಕನಹಳ್ಳಿ ಜ. 23 ರಿಂದ ಜ. 25 ರವರೆಗೆ ಬೆಳಗ್ಗೆ 10 ಗಂಟೆಗೆ ಸಹಜ ಕೃಷಿ ಕುರಿತು ಜಿಲ್ಲೆಯ ಕೃಷಿಕರಿಗೆ ಮೂರು ದಿನದ ತರಬೇತಿ ಕಾರ್ಯಕ್ರಮ ಹಮ್ಮಿಕೊಳ್ಳಲಾಗಿದೆ ಎಂದು ಚಿಕ್ಕನಹಳ್ಳಿ ಕೃಷಿ ತರಬೇತಿ ಕೇಂದ್ರದ ಸಹಾಯಕ ಕೃಷಿ ನಿರ್ದೇಶಕ ವಿಜಯ ಮೂರ್ತಿ ತಿಳಿಸಿದ್ದಾರೆ. ತರಬೇತಿಯಲ್ಲಿ ಸಹಜ ಕೃಷಿಯ ಪರಿಚಯ, ಅಳವಡಿಕೆ ಮಾಡಲು ಇರುವ ವಿಧಾನ, ಸಾವಯವ ಗೊಬ್ಬರ ತಯಾರಿಕೆ, ಜೀವಾಮೃತ ಬಳಕೆ ವಿಚಾರ ಕುರಿತು ತಜ್ಞರು ವಿಷಯ ಮಂಡನೆ ಮಾಡಲಿದ್ದಾರೆ. ಆಸಕ್ತ ರೈತರು ಮೊ.78925 13707, 9663582405 ಕ್ಕೆ ಕರೆ ಮಾಡಿ ಹೆಸರು ನೋಂದಾಯಿಸಿ ಕೊಳ್ಳುವಂತೆ ಕೋರಲಾಗಿದೆ.
ರಾಜ್ಯ ಮಟ್ಟದ ಪ್ರಶಸ್ತಿ ಆಯ್ಕೆಗೆ ಅರ್ಜಿ ಆಹ್ವಾನ
ಬೆಂಗಳೂರು: 2025ನೇ ಸಾಲಿನಲ್ಲಿ ವಿವಿಧ ಕ್ಷೇತ್ರಗಳಲ್ಲಿ ಸಾಧನೆ ಮಾಡಿದವರಿಗೆ ನೀಡುವ ಜಿ.ಮಾದೇಗೌಡ ಸೇವಾ ಪ್ರಶಸ್ತಿ 2026ಕ್ಕೆ ಅರ್ಜಿ ಆಹ್ವಾನಿಸಲಾಗಿದೆ. ಜ. 31 ರೊಳಗೆ ಅರ್ಜಿ ಸಲ್ಲಿಸಬಹುದು. ಹೆಚ್ಚಿನ ಮಾಹಿತಿಗೆ ದೂ.080– 22864990, 22867358, 22212128ಕ್ಕೆ ಸಂಪರ್ಕಿಸುವಂತೆ ಪ್ರಕಟಣೆಯಲ್ಲಿ ತಿಳಿಸಲಾಗಿದೆ.
ಪುನೀತ್ ಕೆರೆಹಳ್ಳಿ
ಬಂಧಿಸಿದ ಪೊಲೀಸರು
ಬೆಂಗಳೂರು: ಬಾಂಗ್ಲಾದ ಅಕ್ರಮ ವಲಸಿಗರ ಶೆಡ್‌ಗಳಿಗೆ ಹೋಗಿ ಅವರ ಆಧಾರ್ ಕಾರ್ಡ್, ಗುರುತಿನ ಚೀಟಿ ಪರಿಶೀಲನೆ ನಡೆಸಲಾಗಿದೆ ಎಂಬ ದೂರಿನನ್ವಯ ರಾಷ್ಟ್ರ ರಕ್ಷಣಾ ಪಡೆಯ ಪುನೀತ್ ಕೆರೆಹಳ್ಳಿಯನ್ನು ಬನ್ನೇರುಘಟ್ಟ ಪೊಲೀಸರು ವಶಕ್ಕೆ ಪಡೆದಿದ್ದಾರೆ. ಶೆಡ್ ವಾಸಿಗಳ ಬಳಿ ರಾಷ್ಟ್ರೀಯತೆ ಬಗ್ಗೆ ಪ್ರಶ್ನೆ ಮಾಡಿದ್ದ ಹಿನ್ನೆಲೆ ಪುನೀತ್ ಕೆರೆಹಳ್ಳಿ ಹಾಗೂ ರಾಷ್ಟ್ರರಕ್ಷಣಾ ಪಡೆಯ ಸದಸ್ಯರ ವಿರುದ್ಧ ಪ್ರಕರಣ ದಾಖಲಿಸಬೇಕೆಂದು ಒತ್ತಾಯಿಸಿ ಕರ್ನಾಟಕ ರಾಜ್ಯ ಪೊಲೀಸ್ ಮಹಾನಿರ್ದೇಶಕರಿಗೆ ದ್ವೇಷದ ಮಾತಿನ ವಿರುದ್ಧ ಜನಾಂದೋಲನ ವತಿಯಿಂದ ಇಮೇಲ್ ಮೂಲಕ ಮನವಿ ಸಲ್ಲಿಸಲಾಗಿತ್ತು. ಈ ಸಂಬಂಧ ಪುನೀತ್ ಕೆರೆಹಳ್ಳಿಯನ್ನು ಪೊಲೀಸರು ವಶಕ್ಕೆ ಪಡೆದು ವಿಚಾರಣೆ ನಡೆಸುತ್ತಿದ್ದಾರೆ. ಕಾರ್ಯಕರ್ತರು ಠಾಣೆ ಎದುರು ಜಮಾಯಿಸಿ ಆಕ್ರೋಶ ವ್ಯಕ್ತಪಡಿಸಿದರು.
